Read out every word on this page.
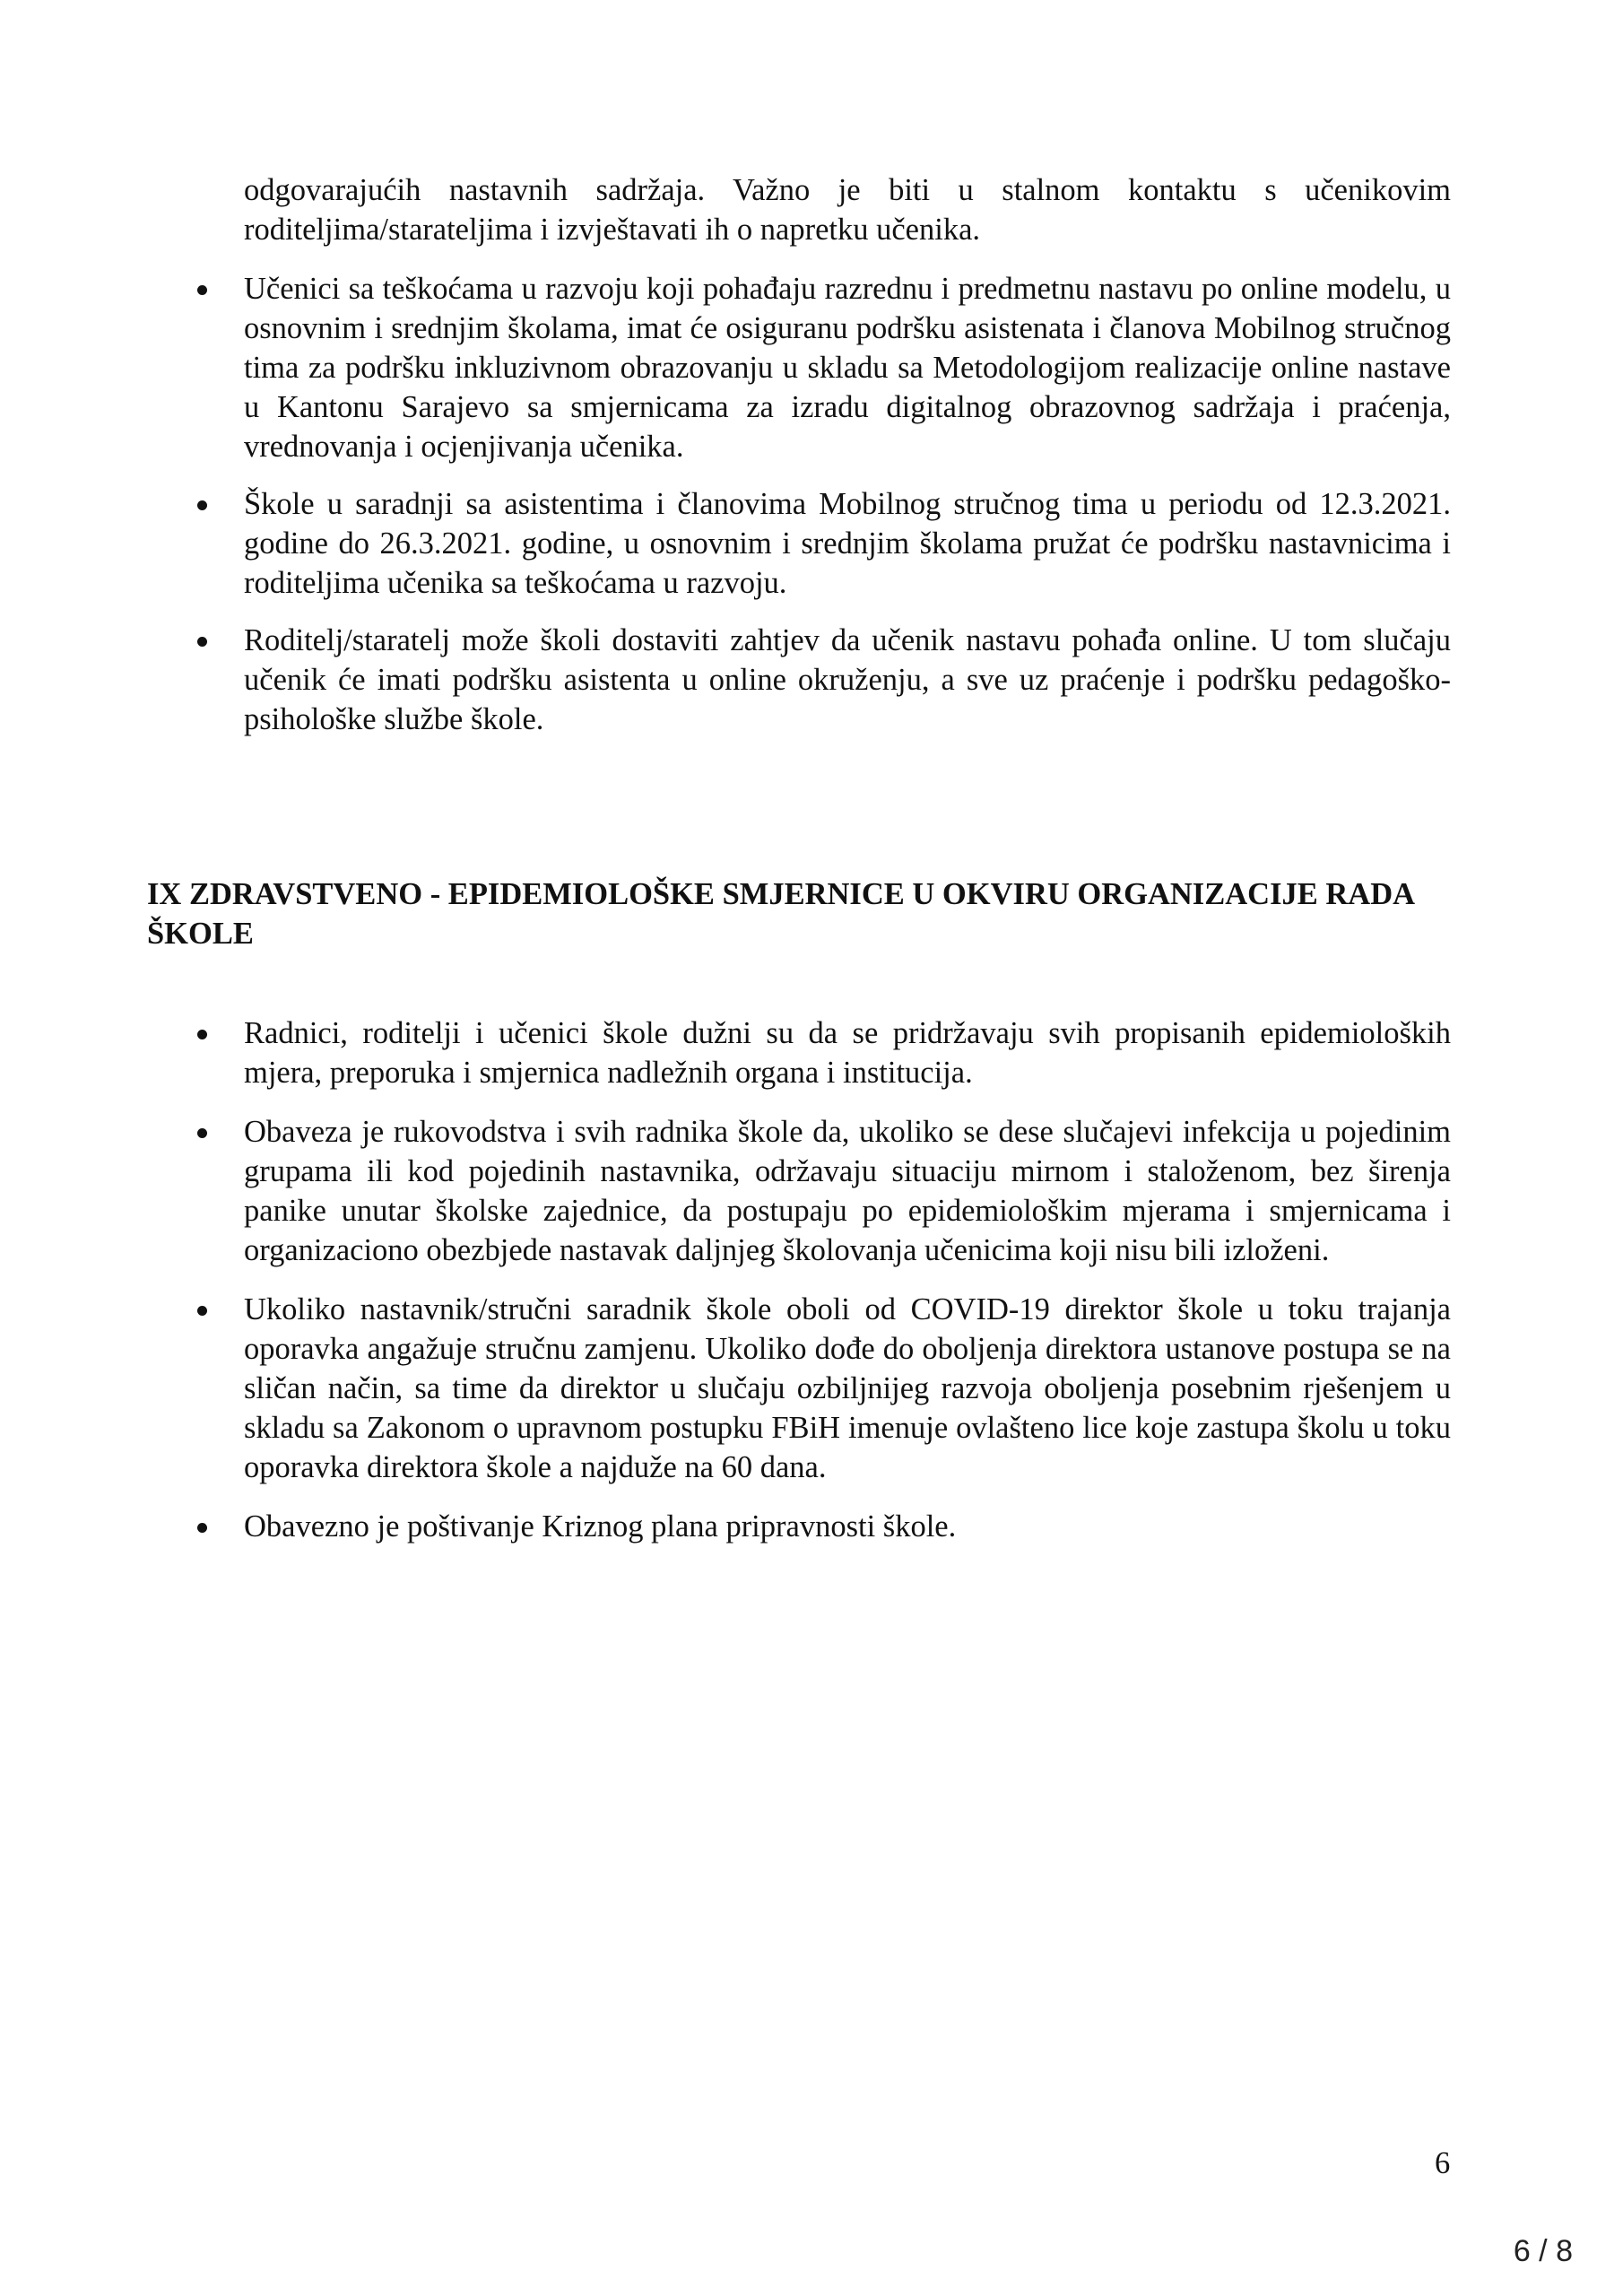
odgovarajućih nastavnih sadržaja. Važno je biti u stalnom kontaktu s učenikovim roditeljima/starateljima i izvještavati ih o napretku učenika.

Učenici sa teškoćama u razvoju koji pohađaju razrednu i predmetnu nastavu po online modelu, u osnovnim i srednjim školama, imat će osiguranu podršku asistenata i članova Mobilnog stručnog tima za podršku inkluzivnom obrazovanju u skladu sa Metodologijom realizacije online nastave u Kantonu Sarajevo sa smjernicama za izradu digitalnog obrazovnog sadržaja i praćenja, vrednovanja i ocjenjivanja učenika.
Škole u saradnji sa asistentima i članovima Mobilnog stručnog tima u periodu od 12.3.2021. godine do 26.3.2021. godine, u osnovnim i srednjim školama pružat će podršku nastavnicima i roditeljima učenika sa teškoćama u razvoju.
Roditelj/staratelj može školi dostaviti zahtjev da učenik nastavu pohađa online. U tom slučaju učenik će imati podršku asistenta u online okruženju, a sve uz praćenje i podršku pedagoško-psihološke službe škole.
IX ZDRAVSTVENO - EPIDEMIOLOŠKE SMJERNICE U OKVIRU ORGANIZACIJE RADA ŠKOLE
Radnici, roditelji i učenici škole dužni su da se pridržavaju svih propisanih epidemioloških mjera, preporuka i smjernica nadležnih organa i institucija.
Obaveza je rukovodstva i svih radnika škole da, ukoliko se dese slučajevi infekcija u pojedinim grupama ili kod pojedinih nastavnika, održavaju situaciju mirnom i staloženom, bez širenja panike unutar školske zajednice, da postupaju po epidemiološkim mjerama i smjernicama i organizaciono obezbjede nastavak daljnjeg školovanja učenicima koji nisu bili izloženi.
Ukoliko nastavnik/stručni saradnik škole oboli od COVID-19 direktor škole u toku trajanja oporavka angažuje stručnu zamjenu. Ukoliko dođe do oboljenja direktora ustanove postupa se na sličan način, sa time da direktor u slučaju ozbiljnijeg razvoja oboljenja posebnim rješenjem u skladu sa Zakonom o upravnom postupku FBiH imenuje ovlašteno lice koje zastupa školu u toku oporavka direktora škole a najduže na 60 dana.
Obavezno je poštivanje Kriznog plana pripravnosti škole.
6
6 / 8
